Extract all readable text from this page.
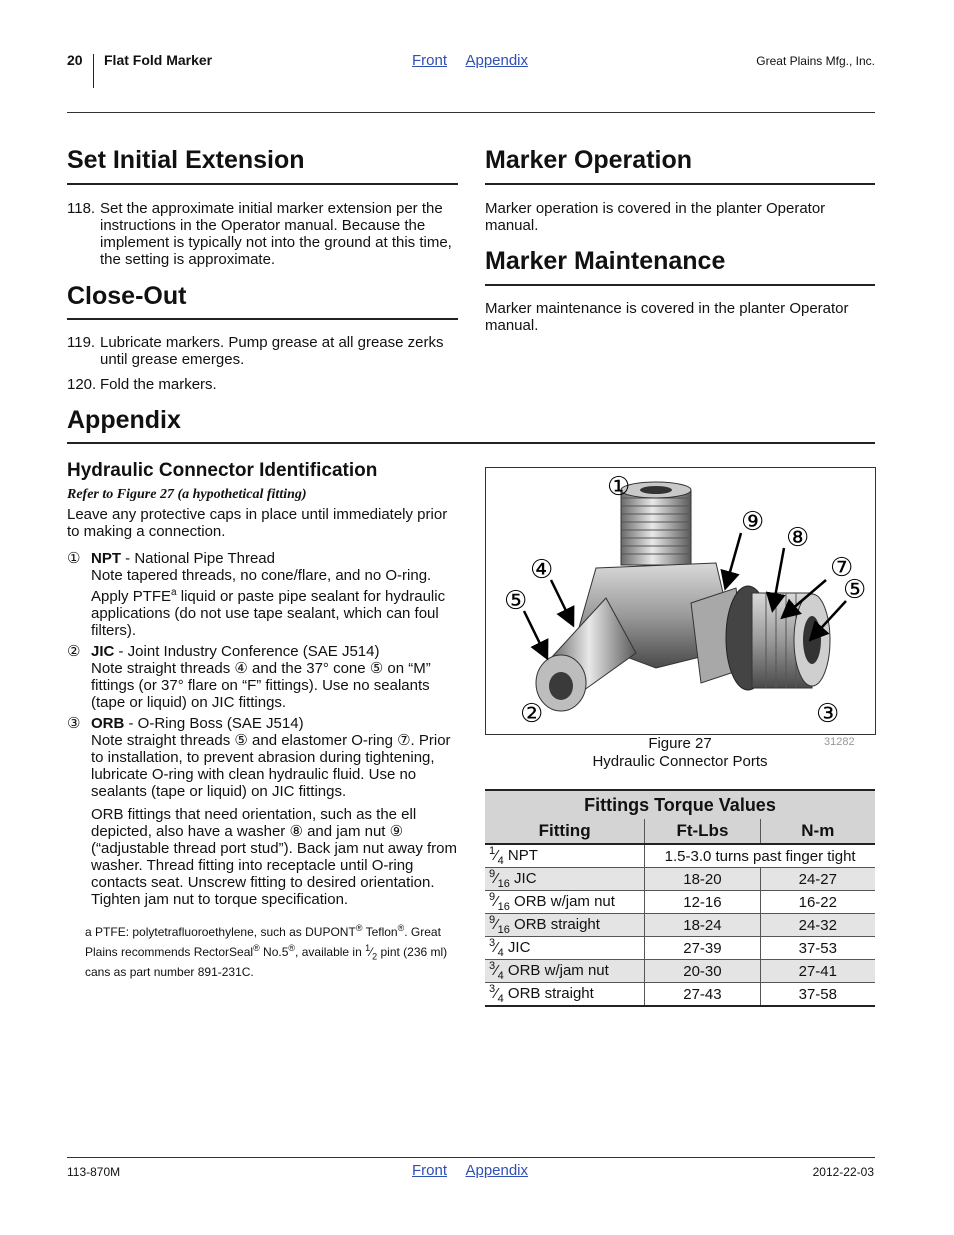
20 Flat Fold Marker	Front Appendix	Great Plains Mfg., Inc.
Set Initial Extension
118. Set the approximate initial marker extension per the instructions in the Operator manual. Because the implement is typically not into the ground at this time, the setting is approximate.
Close-Out
119. Lubricate markers. Pump grease at all grease zerks until grease emerges.
120. Fold the markers.
Marker Operation
Marker operation is covered in the planter Operator manual.
Marker Maintenance
Marker maintenance is covered in the planter Operator manual.
Appendix
Hydraulic Connector Identification
Refer to Figure 27 (a hypothetical fitting)
Leave any protective caps in place until immediately prior to making a connection.
① NPT - National Pipe Thread
Note tapered threads, no cone/flare, and no O-ring. Apply PTFE$^a$ liquid or paste pipe sealant for hydraulic applications (do not use tape sealant, which can foul filters).
② JIC - Joint Industry Conference (SAE J514)
Note straight threads ④ and the 37° cone ⑤ on “M” fittings (or 37° flare on “F” fittings). Use no sealants (tape or liquid) on JIC fittings.
③ ORB - O-Ring Boss (SAE J514)
Note straight threads ⑤ and elastomer O-ring ⑦. Prior to installation, to prevent abrasion during tightening, lubricate O-ring with clean hydraulic fluid. Use no sealants (tape or liquid) on JIC fittings.
ORB fittings that need orientation, such as the ell depicted, also have a washer ⑧ and jam nut ⑨ (“adjustable thread port stud”). Back jam nut away from washer. Thread fitting into receptacle until O-ring contacts seat. Unscrew fitting to desired orientation. Tighten jam nut to torque specification.
a PTFE: polytetrafluoroethylene, such as DUPONT® Teflon®. Great Plains recommends RectorSeal® No.5®, available in $^1⁄_2$ pint (236 ml) cans as part number 891-231C.
①
⑨
⑧
④	⑦
⑤	⑤
②	③
Figure 27
Hydraulic Connector Ports
31282
Fittings Torque Values		
Fitting	Ft-Lbs	N-m
$^1⁄_4$ NPT	1.5-3.0 turns past finger tight	
$^9⁄_{16}$ JIC	18-20	24-27
$^9⁄_{16}$ ORB w/jam nut	12-16	16-22
$^9⁄_{16}$ ORB straight	18-24	24-32
$^3⁄_4$ JIC	27-39	37-53
$^3⁄_4$ ORB w/jam nut	20-30	27-41
$^3⁄_4$ ORB straight	27-43	37-58
113-870M	Front Appendix	2012-22-03
